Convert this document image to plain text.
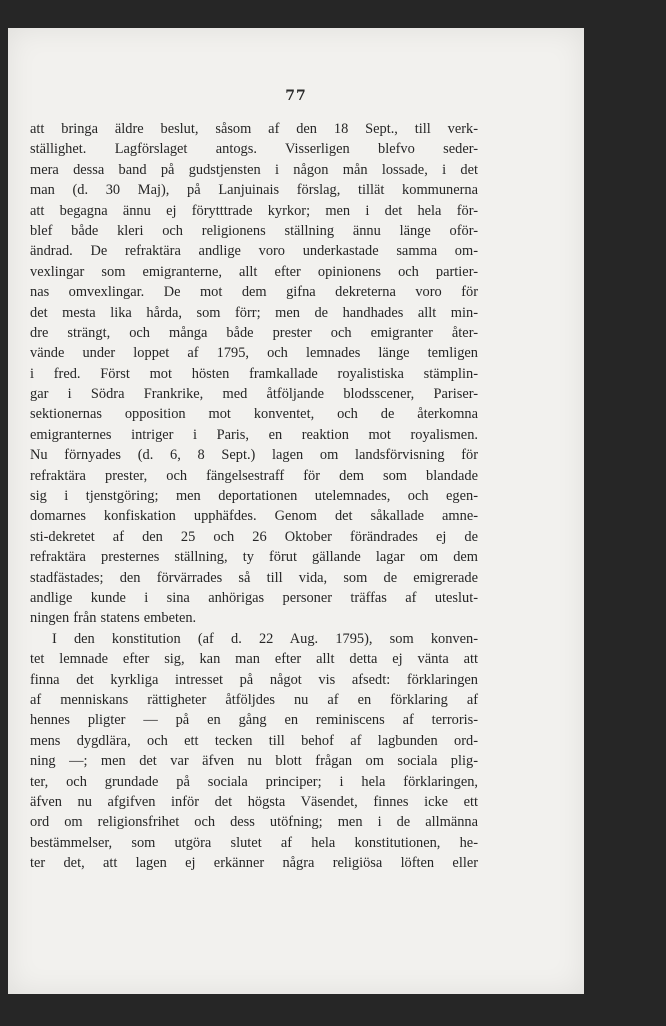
77
att bringa äldre beslut, såsom af den 18 Sept., till verk-
ställighet. Lagförslaget antogs. Visserligen blefvo seder-
mera dessa band på gudstjensten i någon mån lossade, i det
man (d. 30 Maj), på Lanjuinais förslag, tillät kommunerna
att begagna ännu ej förytttrade kyrkor; men i det hela för-
blef både kleri och religionens ställning ännu länge oför-
ändrad. De refraktära andlige voro underkastade samma om-
vexlingar som emigranterne, allt efter opinionens och partier-
nas omvexlingar. De mot dem gifna dekreterna voro för
det mesta lika hårda, som förr; men de handhades allt min-
dre strängt, och många både prester och emigranter åter-
vände under loppet af 1795, och lemnades länge temligen
i fred. Först mot hösten framkallade royalistiska stämplin-
gar i Södra Frankrike, med åtföljande blodsscener, Pariser-
sektionernas opposition mot konventet, och de återkomna
emigranternes intriger i Paris, en reaktion mot royalismen.
Nu förnyades (d. 6, 8 Sept.) lagen om landsförvisning för
refraktära prester, och fängelsestraff för dem som blandade
sig i tjenstgöring; men deportationen utelemnades, och egen-
domarnes konfiskation upphäfdes. Genom det såkallade amne-
sti-dekretet af den 25 och 26 Oktober förändrades ej de
refraktära presternes ställning, ty förut gällande lagar om dem
stadfästades; den förvärrades så till vida, som de emigrerade
andlige kunde i sina anhörigas personer träffas af uteslut-
ningen från statens embeten.
I den konstitution (af d. 22 Aug. 1795), som konven-
tet lemnade efter sig, kan man efter allt detta ej vänta att
finna det kyrkliga intresset på något vis afsedt: förklaringen
af menniskans rättigheter åtföljdes nu af en förklaring af
hennes pligter — på en gång en reminiscens af terroris-
mens dygdlära, och ett tecken till behof af lagbunden ord-
ning —; men det var äfven nu blott frågan om sociala plig-
ter, och grundade på sociala principer; i hela förklaringen,
äfven nu afgifven inför det högsta Väsendet, finnes icke ett
ord om religionsfrihet och dess utöfning; men i de allmänna
bestämmelser, som utgöra slutet af hela konstitutionen, he-
ter det, att lagen ej erkänner några religiösa löften eller
